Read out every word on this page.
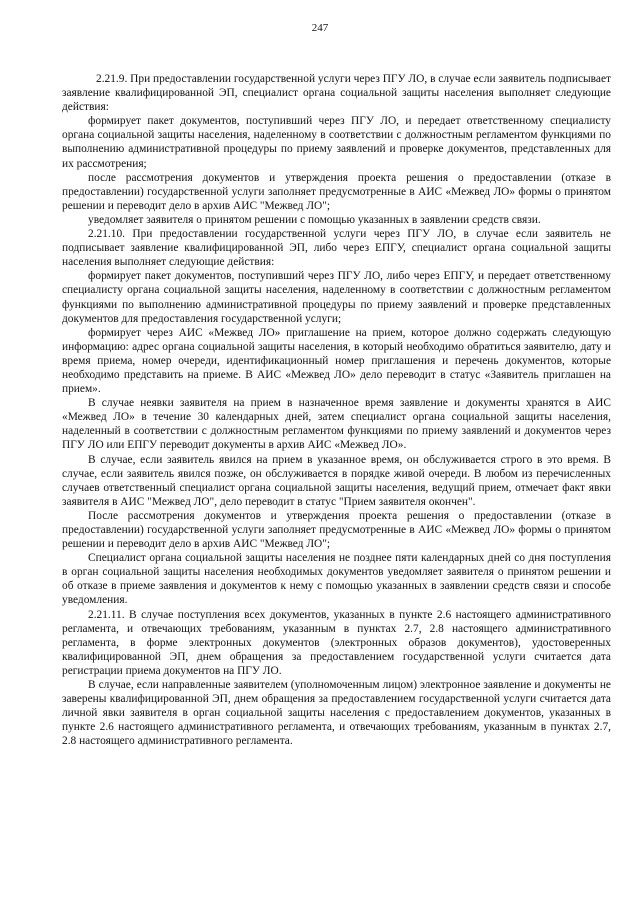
247

2.21.9. При предоставлении государственной услуги через ПГУ ЛО, в случае если заявитель подписывает заявление квалифицированной ЭП, специалист органа социальной защиты населения выполняет следующие действия:

формирует пакет документов, поступивший через ПГУ ЛО, и передает ответственному специалисту органа социальной защиты населения, наделенному в соответствии с должностным регламентом функциями по выполнению административной процедуры по приему заявлений и проверке документов, представленных для их рассмотрения;

после рассмотрения документов и утверждения проекта решения о предоставлении (отказе в предоставлении) государственной услуги заполняет предусмотренные в АИС «Межвед ЛО» формы о принятом решении и переводит дело в архив АИС "Межвед ЛО";

уведомляет заявителя о принятом решении с помощью указанных в заявлении средств связи.

2.21.10. При предоставлении государственной услуги через ПГУ ЛО, в случае если заявитель не подписывает заявление квалифицированной ЭП, либо через ЕПГУ, специалист органа социальной защиты населения выполняет следующие действия:

формирует пакет документов, поступивший через ПГУ ЛО, либо через ЕПГУ, и передает ответственному специалисту органа социальной защиты населения, наделенному в соответствии с должностным регламентом функциями по выполнению административной процедуры по приему заявлений и проверке представленных документов для предоставления государственной услуги;

формирует через АИС «Межвед ЛО» приглашение на прием, которое должно содержать следующую информацию: адрес органа социальной защиты населения, в который необходимо обратиться заявителю, дату и время приема, номер очереди, идентификационный номер приглашения и перечень документов, которые необходимо представить на приеме. В АИС «Межвед ЛО» дело переводит в статус «Заявитель приглашен на прием».

В случае неявки заявителя на прием в назначенное время заявление и документы хранятся в АИС «Межвед ЛО» в течение 30 календарных дней, затем специалист органа социальной защиты населения, наделенный в соответствии с должностным регламентом функциями по приему заявлений и документов через ПГУ ЛО или ЕПГУ переводит документы в архив АИС «Межвед ЛО».

В случае, если заявитель явился на прием в указанное время, он обслуживается строго в это время. В случае, если заявитель явился позже, он обслуживается в порядке живой очереди. В любом из перечисленных случаев ответственный специалист органа социальной защиты населения, ведущий прием, отмечает факт явки заявителя в АИС "Межвед ЛО", дело переводит в статус "Прием заявителя окончен".

После рассмотрения документов и утверждения проекта решения о предоставлении (отказе в предоставлении) государственной услуги заполняет предусмотренные в АИС «Межвед ЛО» формы о принятом решении и переводит дело в архив АИС "Межвед ЛО";

Специалист органа социальной защиты населения не позднее пяти календарных дней со дня поступления в орган социальной защиты населения необходимых документов уведомляет заявителя о принятом решении и об отказе в приеме заявления и документов к нему с помощью указанных в заявлении средств связи и способе уведомления.

2.21.11. В случае поступления всех документов, указанных в пункте 2.6 настоящего административного регламента, и отвечающих требованиям, указанным в пунктах 2.7, 2.8 настоящего административного регламента, в форме электронных документов (электронных образов документов), удостоверенных квалифицированной ЭП, днем обращения за предоставлением государственной услуги считается дата регистрации приема документов на ПГУ ЛО.

В случае, если направленные заявителем (уполномоченным лицом) электронное заявление и документы не заверены квалифицированной ЭП, днем обращения за предоставлением государственной услуги считается дата личной явки заявителя в орган социальной защиты населения с предоставлением документов, указанных в пункте 2.6 настоящего административного регламента, и отвечающих требованиям, указанным в пунктах 2.7, 2.8 настоящего административного регламента.
